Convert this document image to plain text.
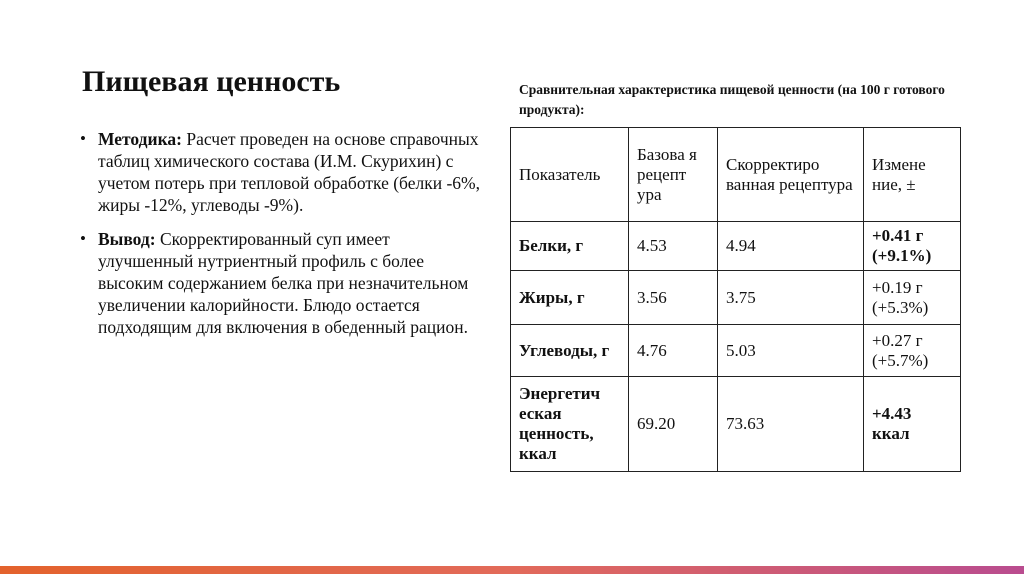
Пищевая ценность
• Методика: Расчет проведен на основе справочных таблиц химического состава (И.М. Скурихин) с учетом потерь при тепловой обработке (белки -6%, жиры -12%, углеводы -9%).
• Вывод: Скорректированный суп имеет улучшенный нутриентный профиль с более высоким содержанием белка при незначительном увеличении калорийности. Блюдо остается подходящим для включения в обеденный рацион.

Сравнительная характеристика пищевой ценности (на 100 г готового продукта):

Показатель	Базова я рецепт ура	Скорректиро ванная рецептура	Измене ние, ±
Белки, г	4.53	4.94	+0.41 г (+9.1%)
Жиры, г	3.56	3.75	+0.19 г (+5.3%)
Углеводы, г	4.76	5.03	+0.27 г (+5.7%)
Энергетич еская ценность, ккал	69.20	73.63	+4.43 ккал
